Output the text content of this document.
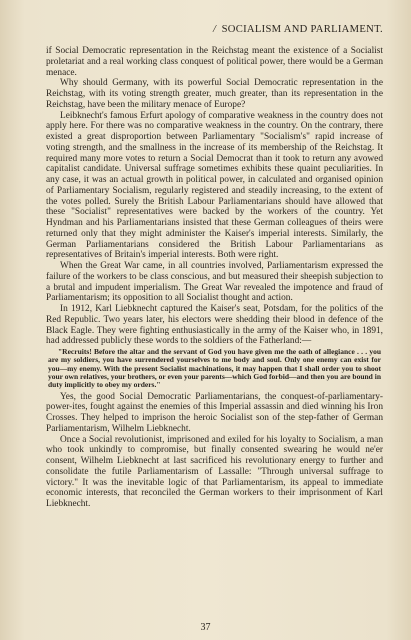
/ SOCIALISM AND PARLIAMENT.

if Social Democratic representation in the Reichstag meant the existence of a Socialist proletariat and a real working class conquest of political power, there would be a German menace.

Why should Germany, with its powerful Social Democratic representation in the Reichstag, with its voting strength greater, much greater, than its representation in the Reichstag, have been the military menace of Europe?

Leibknecht's famous Erfurt apology of comparative weakness in the country does not apply here. For there was no comparative weakness in the country. On the contrary, there existed a great disproportion between Parliamentary "Socialism's" rapid increase of voting strength, and the smallness in the increase of its membership of the Reichstag. It required many more votes to return a Social Democrat than it took to return any avowed capitalist candidate. Universal suffrage sometimes exhibits these quaint peculiarities. In any case, it was an actual growth in political power, in calculated and organised opinion of Parliamentary Socialism, regularly registered and steadily increasing, to the extent of the votes polled. Surely the British Labour Parliamentarians should have allowed that these "Socialist" representatives were backed by the workers of the country. Yet Hyndman and his Parliamentarians insisted that these German colleagues of theirs were returned only that they might administer the Kaiser's imperial interests. Similarly, the German Parliamentarians considered the British Labour Parliamentarians as representatives of Britain's imperial interests. Both were right.

When the Great War came, in all countries involved, Parliamentarism expressed the failure of the workers to be class conscious, and but measured their sheepish subjection to a brutal and impudent imperialism. The Great War revealed the impotence and fraud of Parliamentarism; its opposition to all Socialist thought and action.

In 1912, Karl Liebknecht captured the Kaiser's seat, Potsdam, for the politics of the Red Republic. Two years later, his electors were shedding their blood in defence of the Black Eagle. They were fighting enthusiastically in the army of the Kaiser who, in 1891, had addressed publicly these words to the soldiers of the Fatherland:—

"Recruits! Before the altar and the servant of God you have given me the oath of allegiance . . . you are my soldiers, you have surrendered yourselves to me body and soul. Only one enemy can exist for you—my enemy. With the present Socialist machinations, it may happen that I shall order you to shoot your own relatives, your brothers, or even your parents—which God forbid—and then you are bound in duty implicitly to obey my orders."

Yes, the good Social Democratic Parliamentarians, the conquest-of-parliamentary-power-ites, fought against the enemies of this Imperial assassin and died winning his Iron Crosses. They helped to imprison the heroic Socialist son of the step-father of German Parliamentarism, Wilhelm Liebknecht.

Once a Social revolutionist, imprisoned and exiled for his loyalty to Socialism, a man who took unkindly to compromise, but finally consented swearing he would ne'er consent, Wilhelm Liebknecht at last sacrificed his revolutionary energy to further and consolidate the futile Parliamentarism of Lassalle: "Through universal suffrage to victory." It was the inevitable logic of that Parliamentarism, its appeal to immediate economic interests, that reconciled the German workers to their imprisonment of Karl Liebknecht.

37
